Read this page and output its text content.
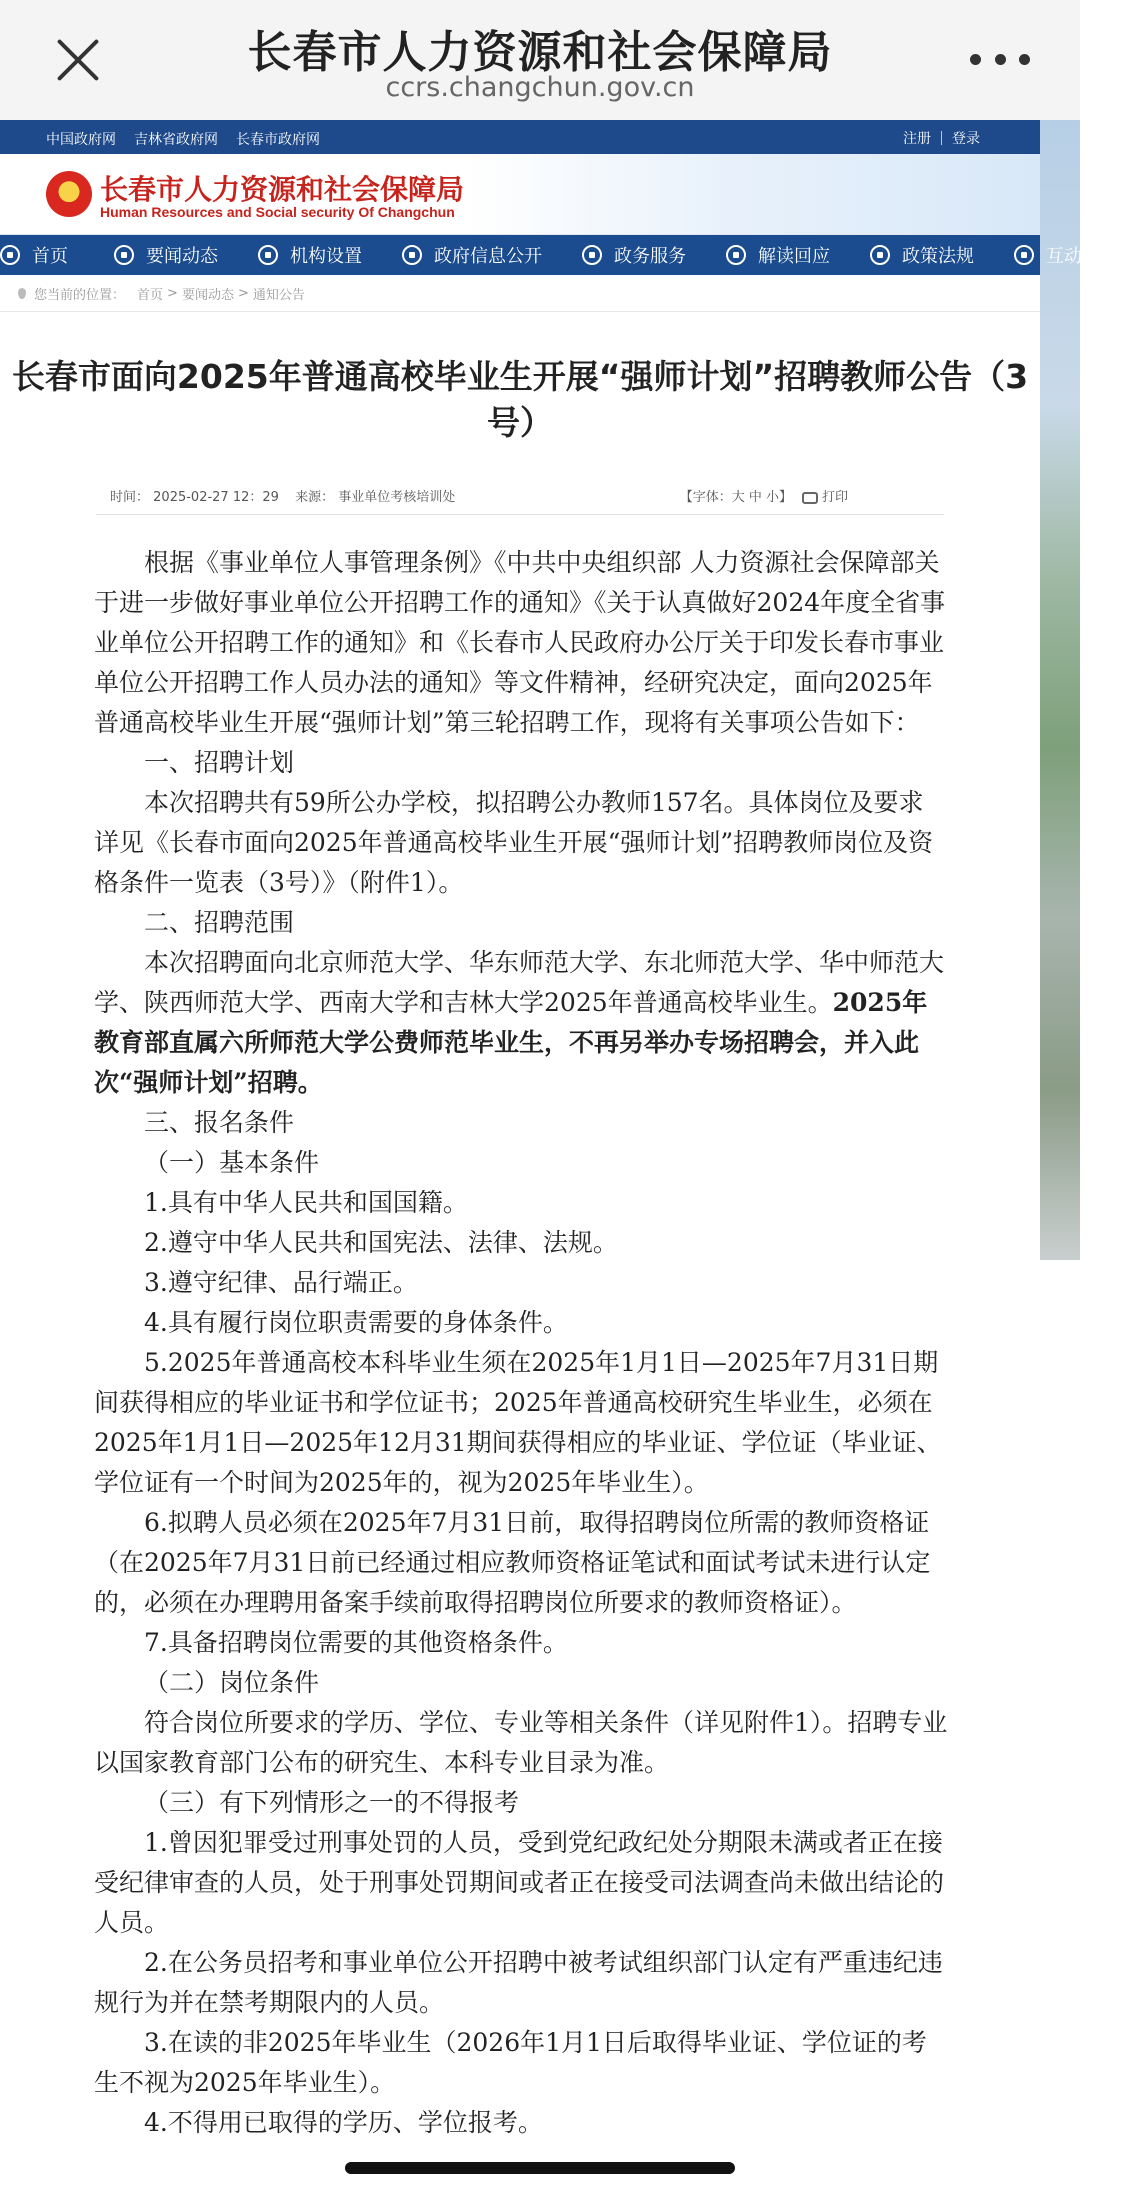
长春市人力资源和社会保障局
ccrs.changchun.gov.cn
中国政府网 吉林省政府网 长春市政府网	注册 登录
★
长春市人力资源和社会保障局
Human Resources and Social security Of Changchun
首页	要闻动态	机构设置	政府信息公开	政务服务	解读回应	政策法规	互动交流
您当前的位置： 首页 > 要闻动态 > 通知公告
长春市面向2025年普通高校毕业生开展“强师计划”招聘教师公告（3号）
时间： 2025-02-27 12：29 来源： 事业单位考核培训处	【字体：大 中 小】	打印

根据《事业单位人事管理条例》《中共中央组织部 人力资源社会保障部关于进一步做好事业单位公开招聘工作的通知》《关于认真做好2024年度全省事业单位公开招聘工作的通知》和《长春市人民政府办公厅关于印发长春市事业单位公开招聘工作人员办法的通知》等文件精神，经研究决定，面向2025年普通高校毕业生开展“强师计划”第三轮招聘工作，现将有关事项公告如下：

一、招聘计划

本次招聘共有59所公办学校，拟招聘公办教师157名。具体岗位及要求详见《长春市面向2025年普通高校毕业生开展“强师计划”招聘教师岗位及资格条件一览表（3号）》（附件1）。

二、招聘范围

本次招聘面向北京师范大学、华东师范大学、东北师范大学、华中师范大学、陕西师范大学、西南大学和吉林大学2025年普通高校毕业生。2025年教育部直属六所师范大学公费师范毕业生，不再另举办专场招聘会，并入此次“强师计划”招聘。

三、报名条件

（一）基本条件

1.具有中华人民共和国国籍。

2.遵守中华人民共和国宪法、法律、法规。

3.遵守纪律、品行端正。

4.具有履行岗位职责需要的身体条件。

5.2025年普通高校本科毕业生须在2025年1月1日—2025年7月31日期间获得相应的毕业证书和学位证书；2025年普通高校研究生毕业生，必须在2025年1月1日—2025年12月31期间获得相应的毕业证、学位证（毕业证、学位证有一个时间为2025年的，视为2025年毕业生）。

6.拟聘人员必须在2025年7月31日前，取得招聘岗位所需的教师资格证（在2025年7月31日前已经通过相应教师资格证笔试和面试考试未进行认定的，必须在办理聘用备案手续前取得招聘岗位所要求的教师资格证）。

7.具备招聘岗位需要的其他资格条件。

（二）岗位条件

符合岗位所要求的学历、学位、专业等相关条件（详见附件1）。招聘专业以国家教育部门公布的研究生、本科专业目录为准。

（三）有下列情形之一的不得报考

1.曾因犯罪受过刑事处罚的人员，受到党纪政纪处分期限未满或者正在接受纪律审查的人员，处于刑事处罚期间或者正在接受司法调查尚未做出结论的人员。

2.在公务员招考和事业单位公开招聘中被考试组织部门认定有严重违纪违规行为并在禁考期限内的人员。

3.在读的非2025年毕业生（2026年1月1日后取得毕业证、学位证的考生不视为2025年毕业生）。

4.不得用已取得的学历、学位报考。
